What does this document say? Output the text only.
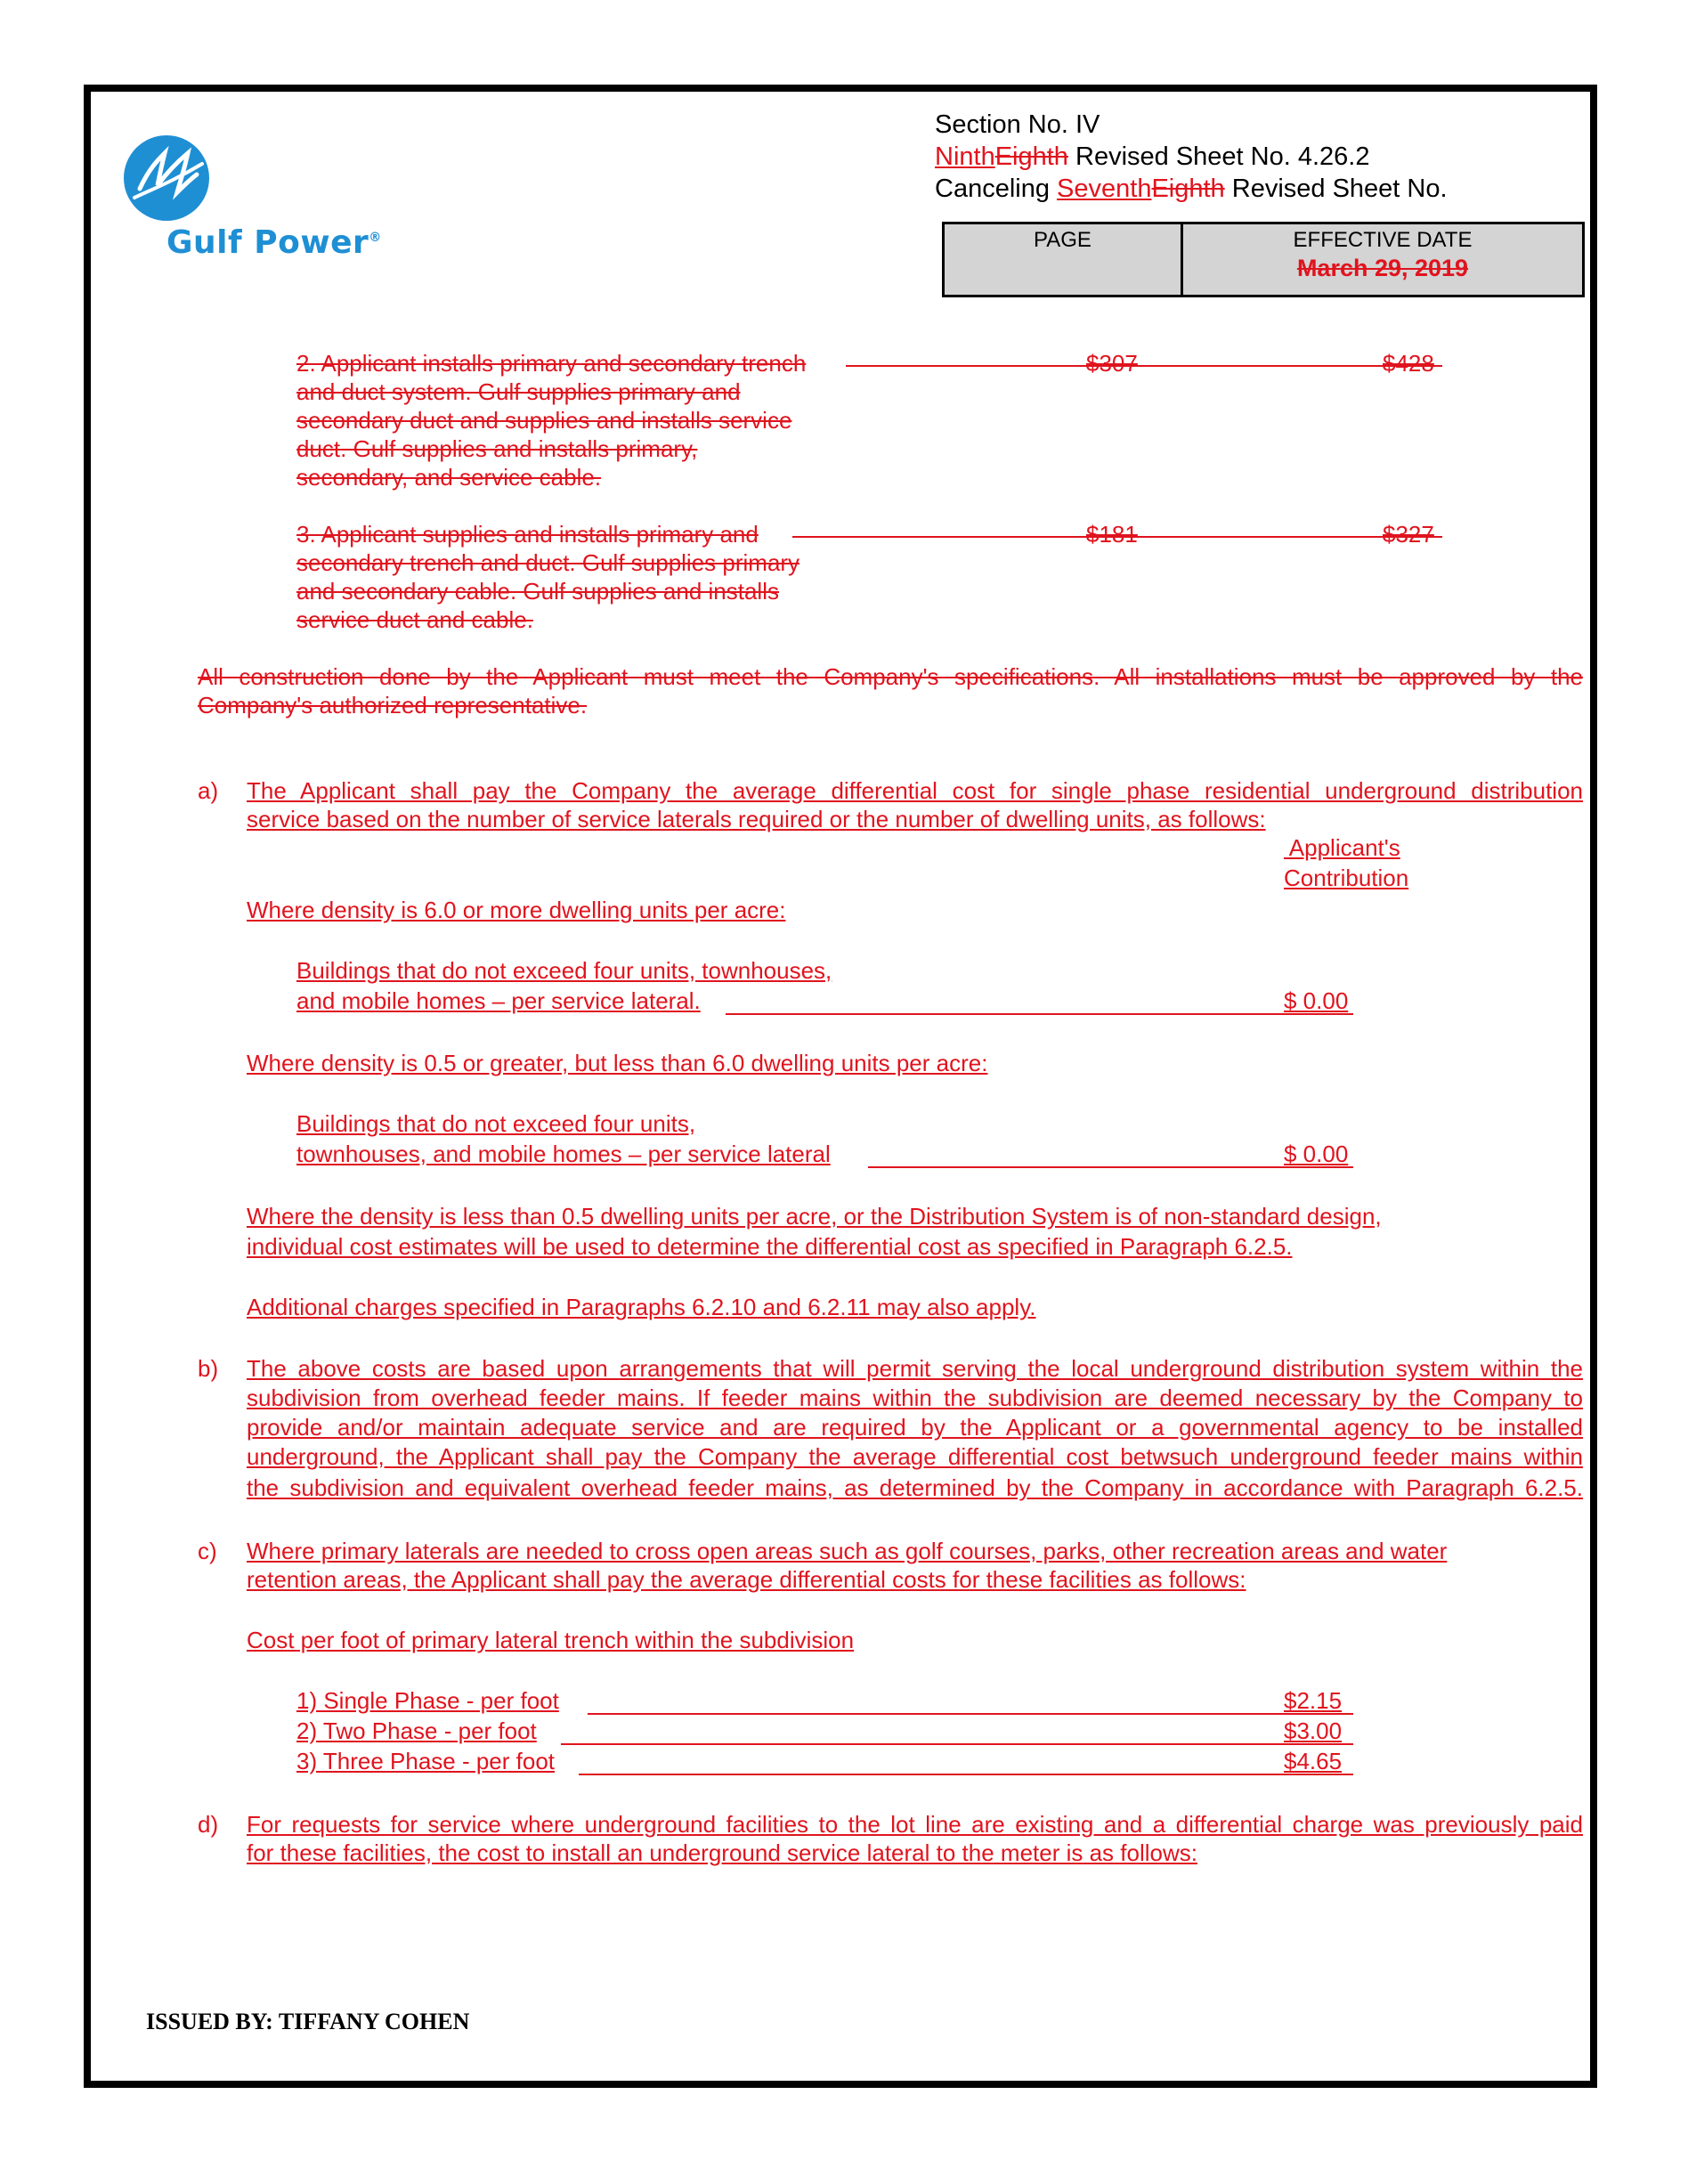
Gulf Power®
Section No. IV
NinthEighth Revised Sheet No. 4.26.2
Canceling SeventhEighth Revised Sheet No.
PAGE	EFFECTIVE DATE
March 29, 2019
2. Applicant installs primary and secondary trench
and duct system. Gulf supplies primary and
secondary duct and supplies and installs service
duct. Gulf supplies and installs primary,
secondary, and service cable.
$307	$428
3. Applicant supplies and installs primary and
secondary trench and duct. Gulf supplies primary
and secondary cable. Gulf supplies and installs
service duct and cable.
$181	$327
All construction done by the Applicant must meet the Company's specifications. All installations must be approved by the
Company's authorized representative.
a) The Applicant shall pay the Company the average differential cost for single phase residential underground distribution
service based on the number of service laterals required or the number of dwelling units, as follows:
Applicant's
Contribution
Where density is 6.0 or more dwelling units per acre:
Buildings that do not exceed four units, townhouses,
and mobile homes – per service lateral.	$ 0.00
Where density is 0.5 or greater, but less than 6.0 dwelling units per acre:
Buildings that do not exceed four units,
townhouses, and mobile homes – per service lateral	$ 0.00
Where the density is less than 0.5 dwelling units per acre, or the Distribution System is of non-standard design,
individual cost estimates will be used to determine the differential cost as specified in Paragraph 6.2.5.
Additional charges specified in Paragraphs 6.2.10 and 6.2.11 may also apply.
b) The above costs are based upon arrangements that will permit serving the local underground distribution system within the
subdivision from overhead feeder mains. If feeder mains within the subdivision are deemed necessary by the Company to
provide and/or maintain adequate service and are required by the Applicant or a governmental agency to be installed
underground, the Applicant shall pay the Company the average differential cost betwsuch underground feeder mains within
the subdivision and equivalent overhead feeder mains, as determined by the Company in accordance with Paragraph 6.2.5.
c) Where primary laterals are needed to cross open areas such as golf courses, parks, other recreation areas and water
retention areas, the Applicant shall pay the average differential costs for these facilities as follows:
Cost per foot of primary lateral trench within the subdivision
1) Single Phase - per foot	$2.15
2) Two Phase - per foot	$3.00
3) Three Phase - per foot	$4.65
d) For requests for service where underground facilities to the lot line are existing and a differential charge was previously paid
for these facilities, the cost to install an underground service lateral to the meter is as follows:
ISSUED BY: TIFFANY COHEN
